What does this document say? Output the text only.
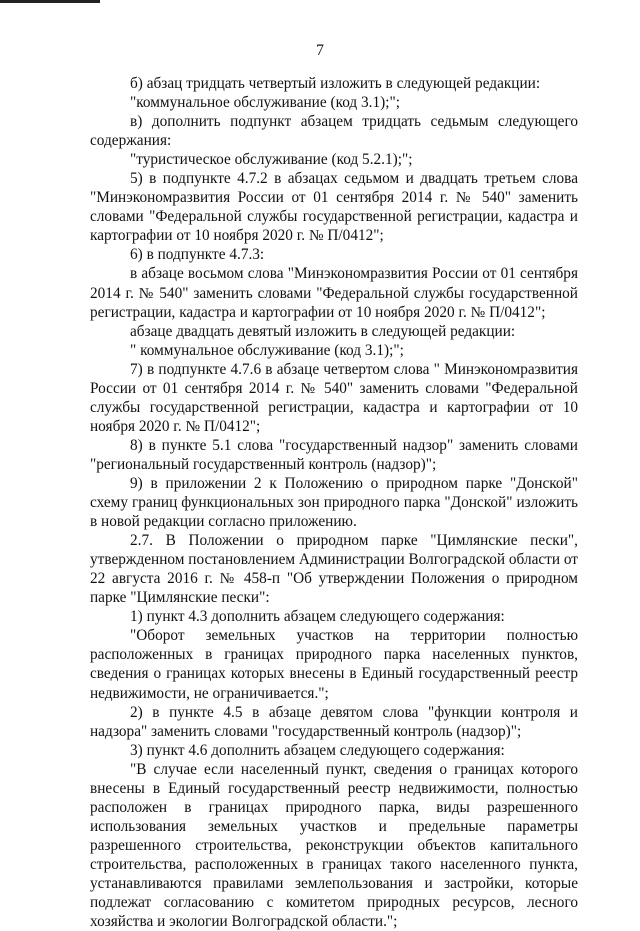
7

б) абзац тридцать четвертый изложить в следующей редакции:

"коммунальное обслуживание (код 3.1);";

в) дополнить подпункт абзацем тридцать седьмым следующего содержания:

"туристическое обслуживание (код 5.2.1);";

5) в подпункте 4.7.2 в абзацах седьмом и двадцать третьем слова "Минэкономразвития России от 01 сентября 2014 г. № 540" заменить словами "Федеральной службы государственной регистрации, кадастра и картографии от 10 ноября 2020 г. № П/0412";

6) в подпункте 4.7.3:

в абзаце восьмом слова "Минэкономразвития России от 01 сентября 2014 г. № 540" заменить словами "Федеральной службы государственной регистрации, кадастра и картографии от 10 ноября 2020 г. № П/0412";

абзаце двадцать девятый изложить в следующей редакции:

" коммунальное обслуживание (код 3.1);";

7) в подпункте 4.7.6 в абзаце четвертом слова " Минэкономразвития России от 01 сентября 2014 г. № 540" заменить словами "Федеральной службы государственной регистрации, кадастра и картографии от 10 ноября 2020 г. № П/0412";

8) в пункте 5.1 слова "государственный надзор" заменить словами "региональный государственный контроль (надзор)";

9) в приложении 2 к Положению о природном парке "Донской" схему границ функциональных зон природного парка "Донской" изложить в новой редакции согласно приложению.

2.7. В Положении о природном парке "Цимлянские пески", утвержденном постановлением Администрации Волгоградской области от 22 августа 2016 г. № 458-п "Об утверждении Положения о природном парке "Цимлянские пески":

1) пункт 4.3 дополнить абзацем следующего содержания:

"Оборот земельных участков на территории полностью расположенных в границах природного парка населенных пунктов, сведения о границах которых внесены в Единый государственный реестр недвижимости, не ограничивается.";

2) в пункте 4.5 в абзаце девятом слова "функции контроля и надзора" заменить словами "государственный контроль (надзор)";

3) пункт 4.6 дополнить абзацем следующего содержания:

"В случае если населенный пункт, сведения о границах которого внесены в Единый государственный реестр недвижимости, полностью расположен в границах природного парка, виды разрешенного использования земельных участков и предельные параметры разрешенного строительства, реконструкции объектов капитального строительства, расположенных в границах такого населенного пункта, устанавливаются правилами землепользования и застройки, которые подлежат согласованию с комитетом природных ресурсов, лесного хозяйства и экологии Волгоградской области.";
